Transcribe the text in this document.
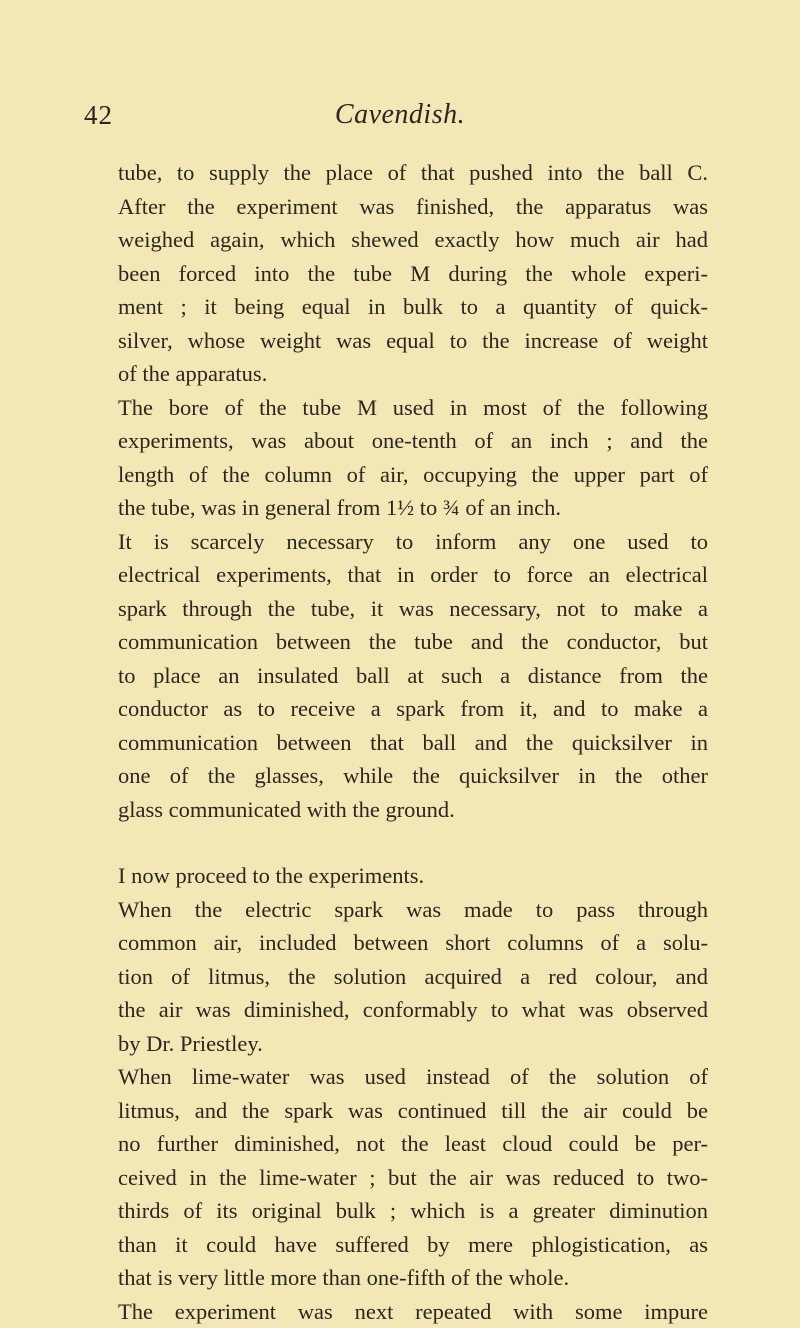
42	Cavendish.
tube, to supply the place of that pushed into the ball C.
After the experiment was finished, the apparatus was
weighed again, which shewed exactly how much air had
been forced into the tube M during the whole experi-
ment ; it being equal in bulk to a quantity of quick-
silver, whose weight was equal to the increase of weight
of the apparatus.
The bore of the tube M used in most of the following
experiments, was about one-tenth of an inch ; and the
length of the column of air, occupying the upper part of
the tube, was in general from 1½ to ¾ of an inch.
It is scarcely necessary to inform any one used to
electrical experiments, that in order to force an electrical
spark through the tube, it was necessary, not to make a
communication between the tube and the conductor, but
to place an insulated ball at such a distance from the
conductor as to receive a spark from it, and to make a
communication between that ball and the quicksilver in
one of the glasses, while the quicksilver in the other
glass communicated with the ground.
I now proceed to the experiments.
When the electric spark was made to pass through
common air, included between short columns of a solu-
tion of litmus, the solution acquired a red colour, and
the air was diminished, conformably to what was observed
by Dr. Priestley.
When lime-water was used instead of the solution of
litmus, and the spark was continued till the air could be
no further diminished, not the least cloud could be per-
ceived in the lime-water ; but the air was reduced to two-
thirds of its original bulk ; which is a greater diminution
than it could have suffered by mere phlogistication, as
that is very little more than one-fifth of the whole.
The experiment was next repeated with some impure
